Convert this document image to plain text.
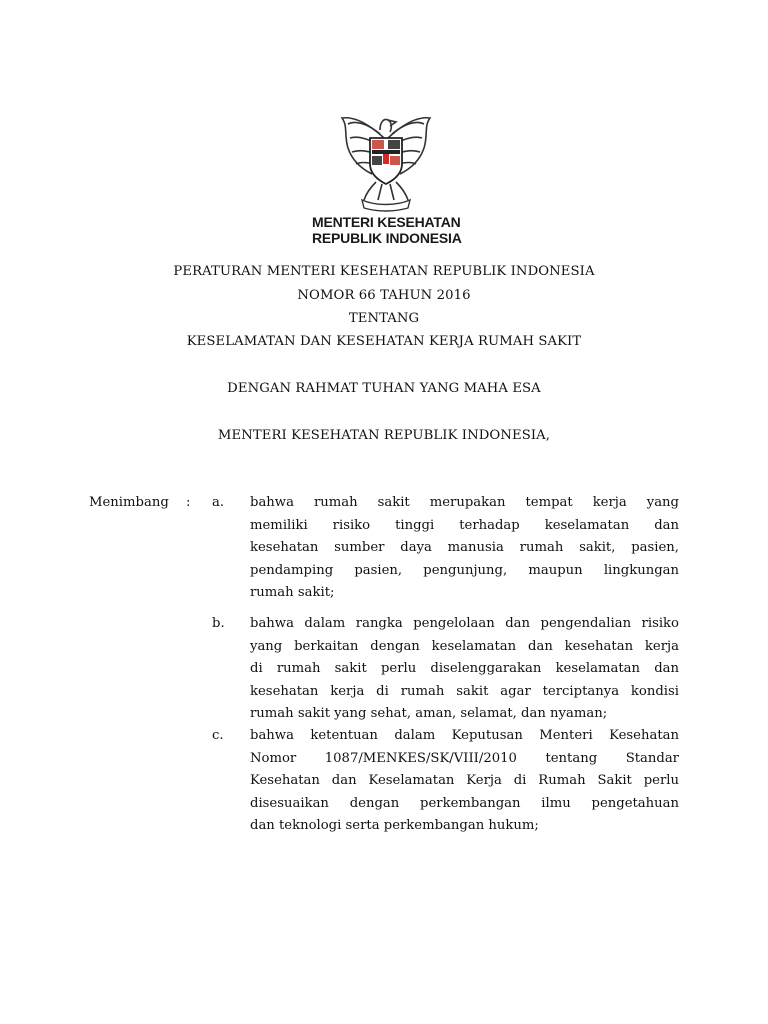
MENTERI KESEHATAN
REPUBLIK INDONESIA
PERATURAN MENTERI KESEHATAN REPUBLIK INDONESIA
NOMOR 66 TAHUN 2016
TENTANG
KESELAMATAN DAN KESEHATAN KERJA RUMAH SAKIT
DENGAN RAHMAT TUHAN YANG MAHA ESA
MENTERI KESEHATAN REPUBLIK INDONESIA,
Menimbang : a. bahwa rumah sakit merupakan tempat kerja yang
memiliki risiko tinggi terhadap keselamatan dan
kesehatan sumber daya manusia rumah sakit, pasien,
pendamping pasien, pengunjung, maupun lingkungan
rumah sakit;
b. bahwa dalam rangka pengelolaan dan pengendalian risiko
yang berkaitan dengan keselamatan dan kesehatan kerja
di rumah sakit perlu diselenggarakan keselamatan dan
kesehatan kerja di rumah sakit agar terciptanya kondisi
rumah sakit yang sehat, aman, selamat, dan nyaman;
c. bahwa ketentuan dalam Keputusan Menteri Kesehatan
Nomor 1087/MENKES/SK/VIII/2010 tentang Standar
Kesehatan dan Keselamatan Kerja di Rumah Sakit perlu
disesuaikan dengan perkembangan ilmu pengetahuan
dan teknologi serta perkembangan hukum;
